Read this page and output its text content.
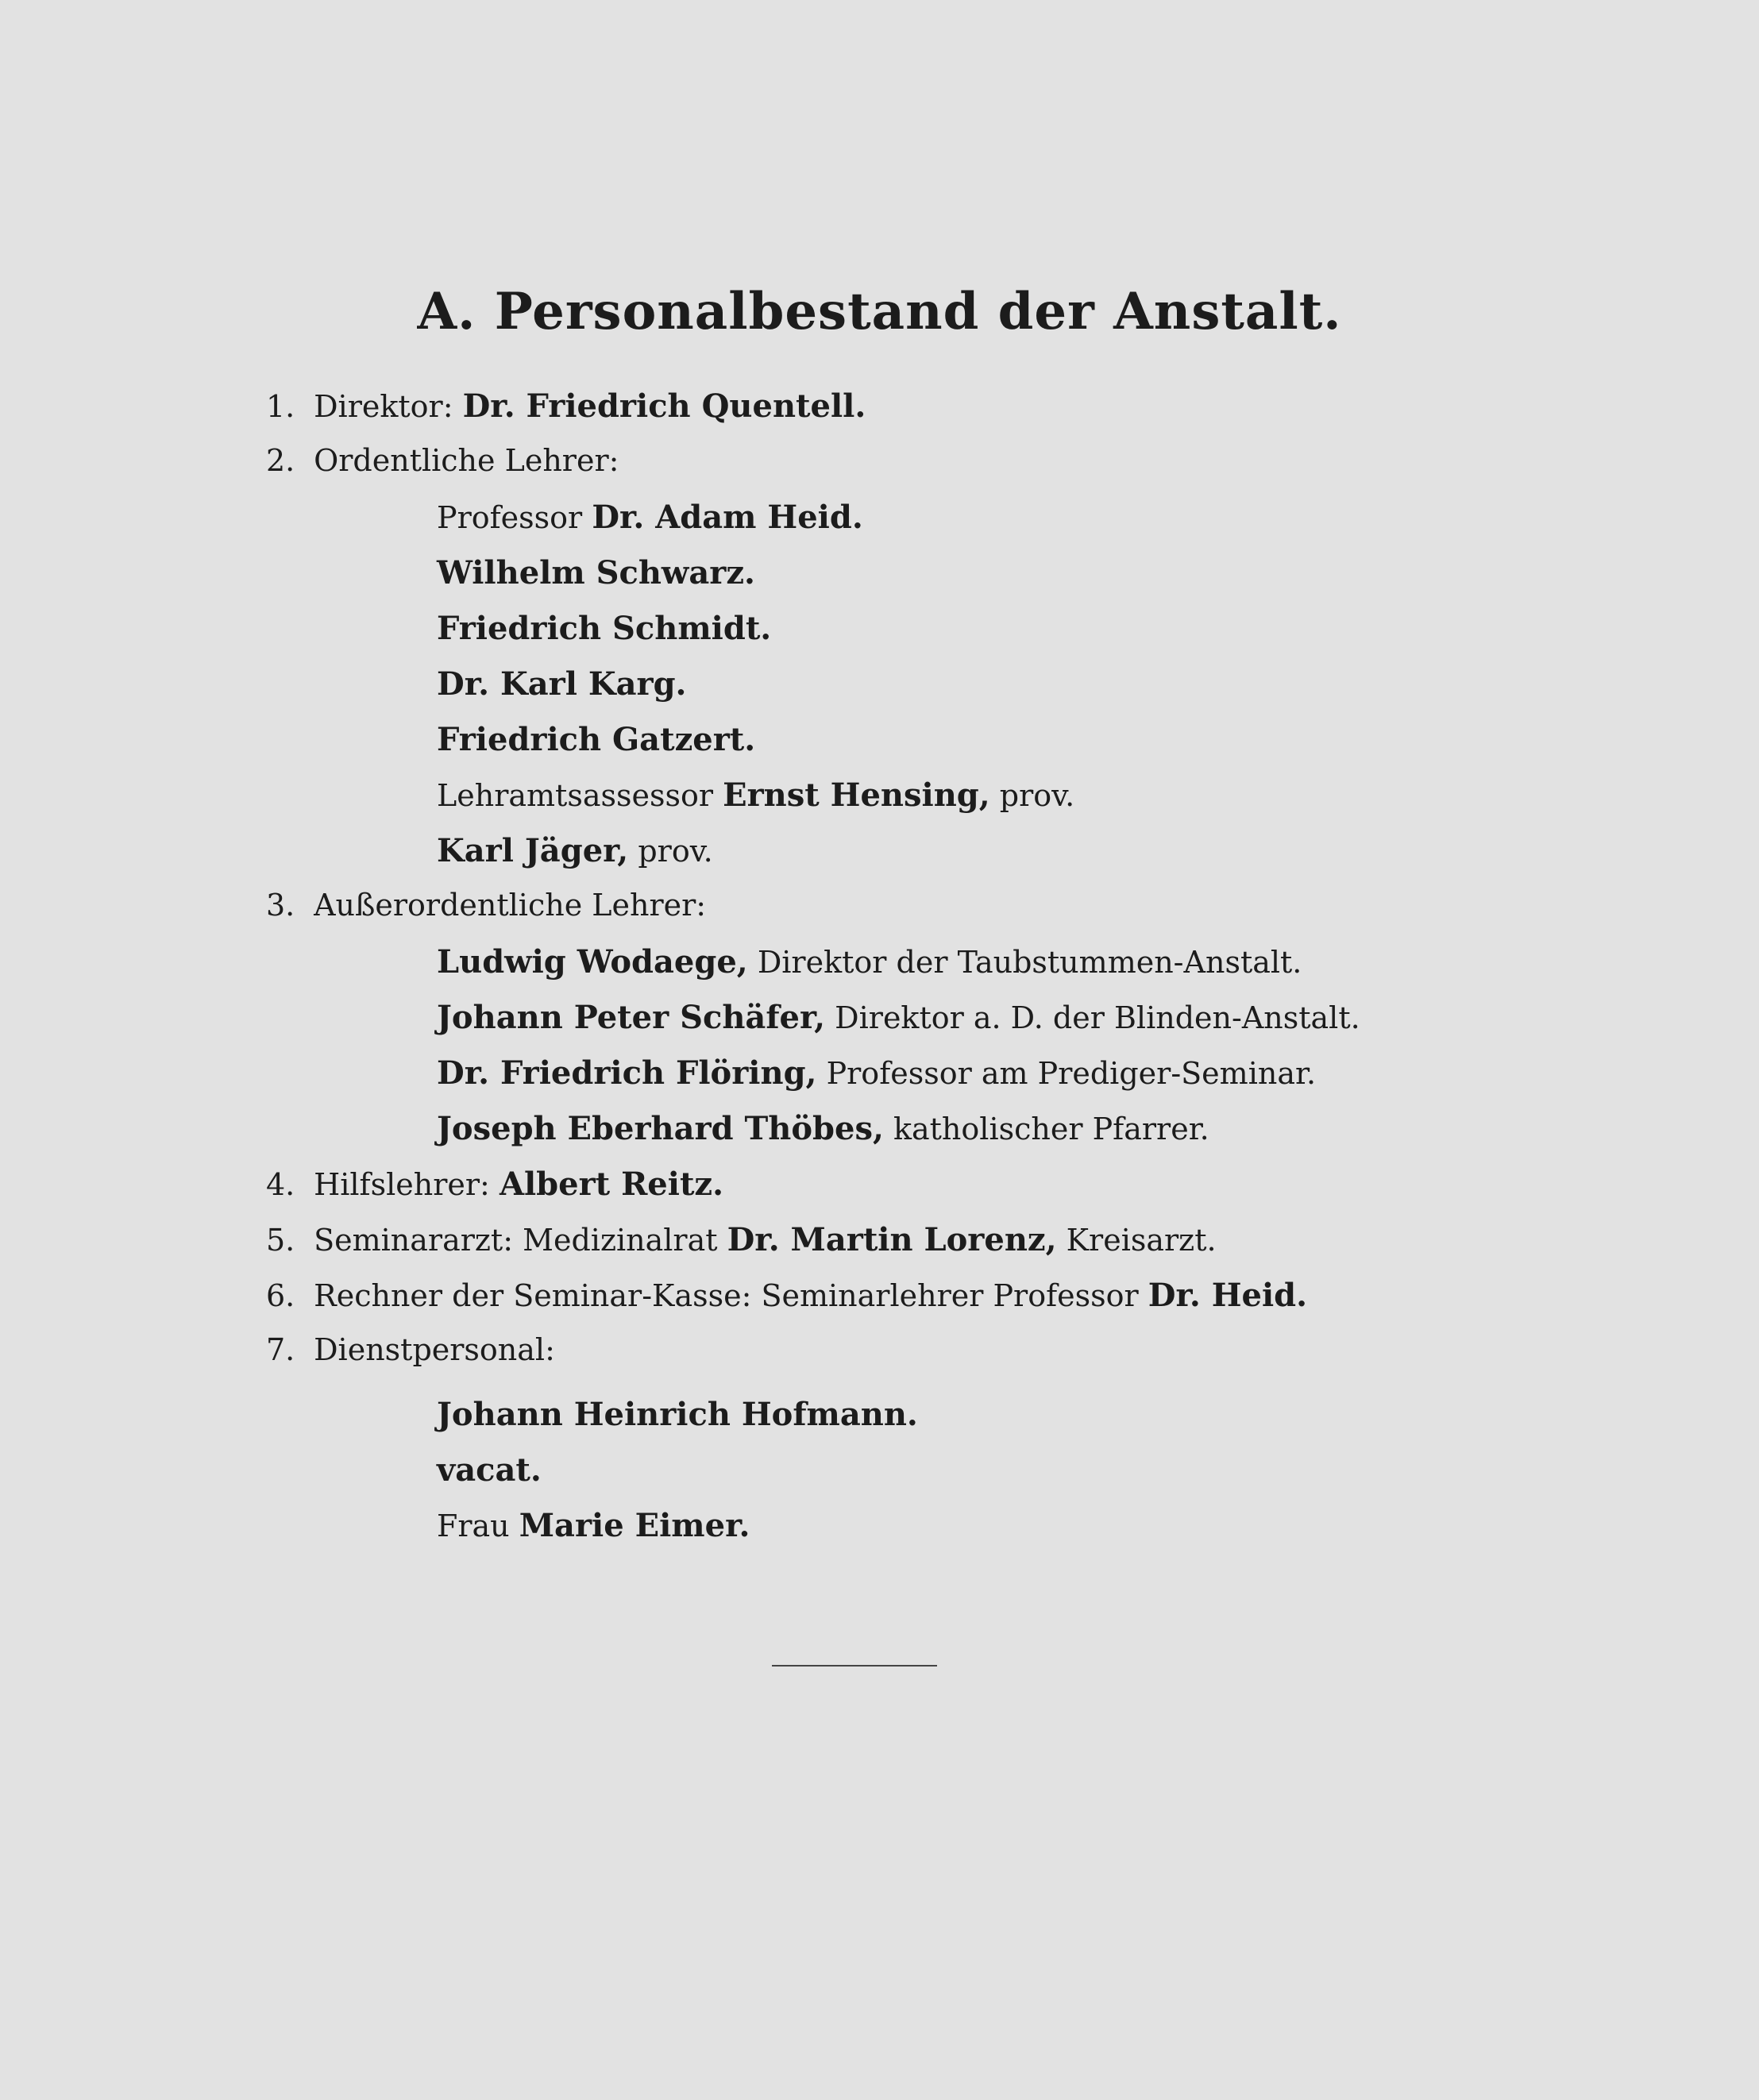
A. Personalbestand der Anstalt.
1. Direktor: Dr. Friedrich Quentell.
2. Ordentliche Lehrer:
Professor Dr. Adam Heid.
Wilhelm Schwarz.
Friedrich Schmidt.
Dr. Karl Karg.
Friedrich Gatzert.
Lehramtsassessor Ernst Hensing, prov.
Karl Jäger, prov.
3. Außerordentliche Lehrer:
Ludwig Wodaege, Direktor der Taubstummen-Anstalt.
Johann Peter Schäfer, Direktor a. D. der Blinden-Anstalt.
Dr. Friedrich Flöring, Professor am Prediger-Seminar.
Joseph Eberhard Thöbes, katholischer Pfarrer.
4. Hilfslehrer: Albert Reitz.
5. Seminararzt: Medizinalrat Dr. Martin Lorenz, Kreisarzt.
6. Rechner der Seminar-Kasse: Seminarlehrer Professor Dr. Heid.
7. Dienstpersonal:
Johann Heinrich Hofmann.
vacat.
Frau Marie Eimer.
